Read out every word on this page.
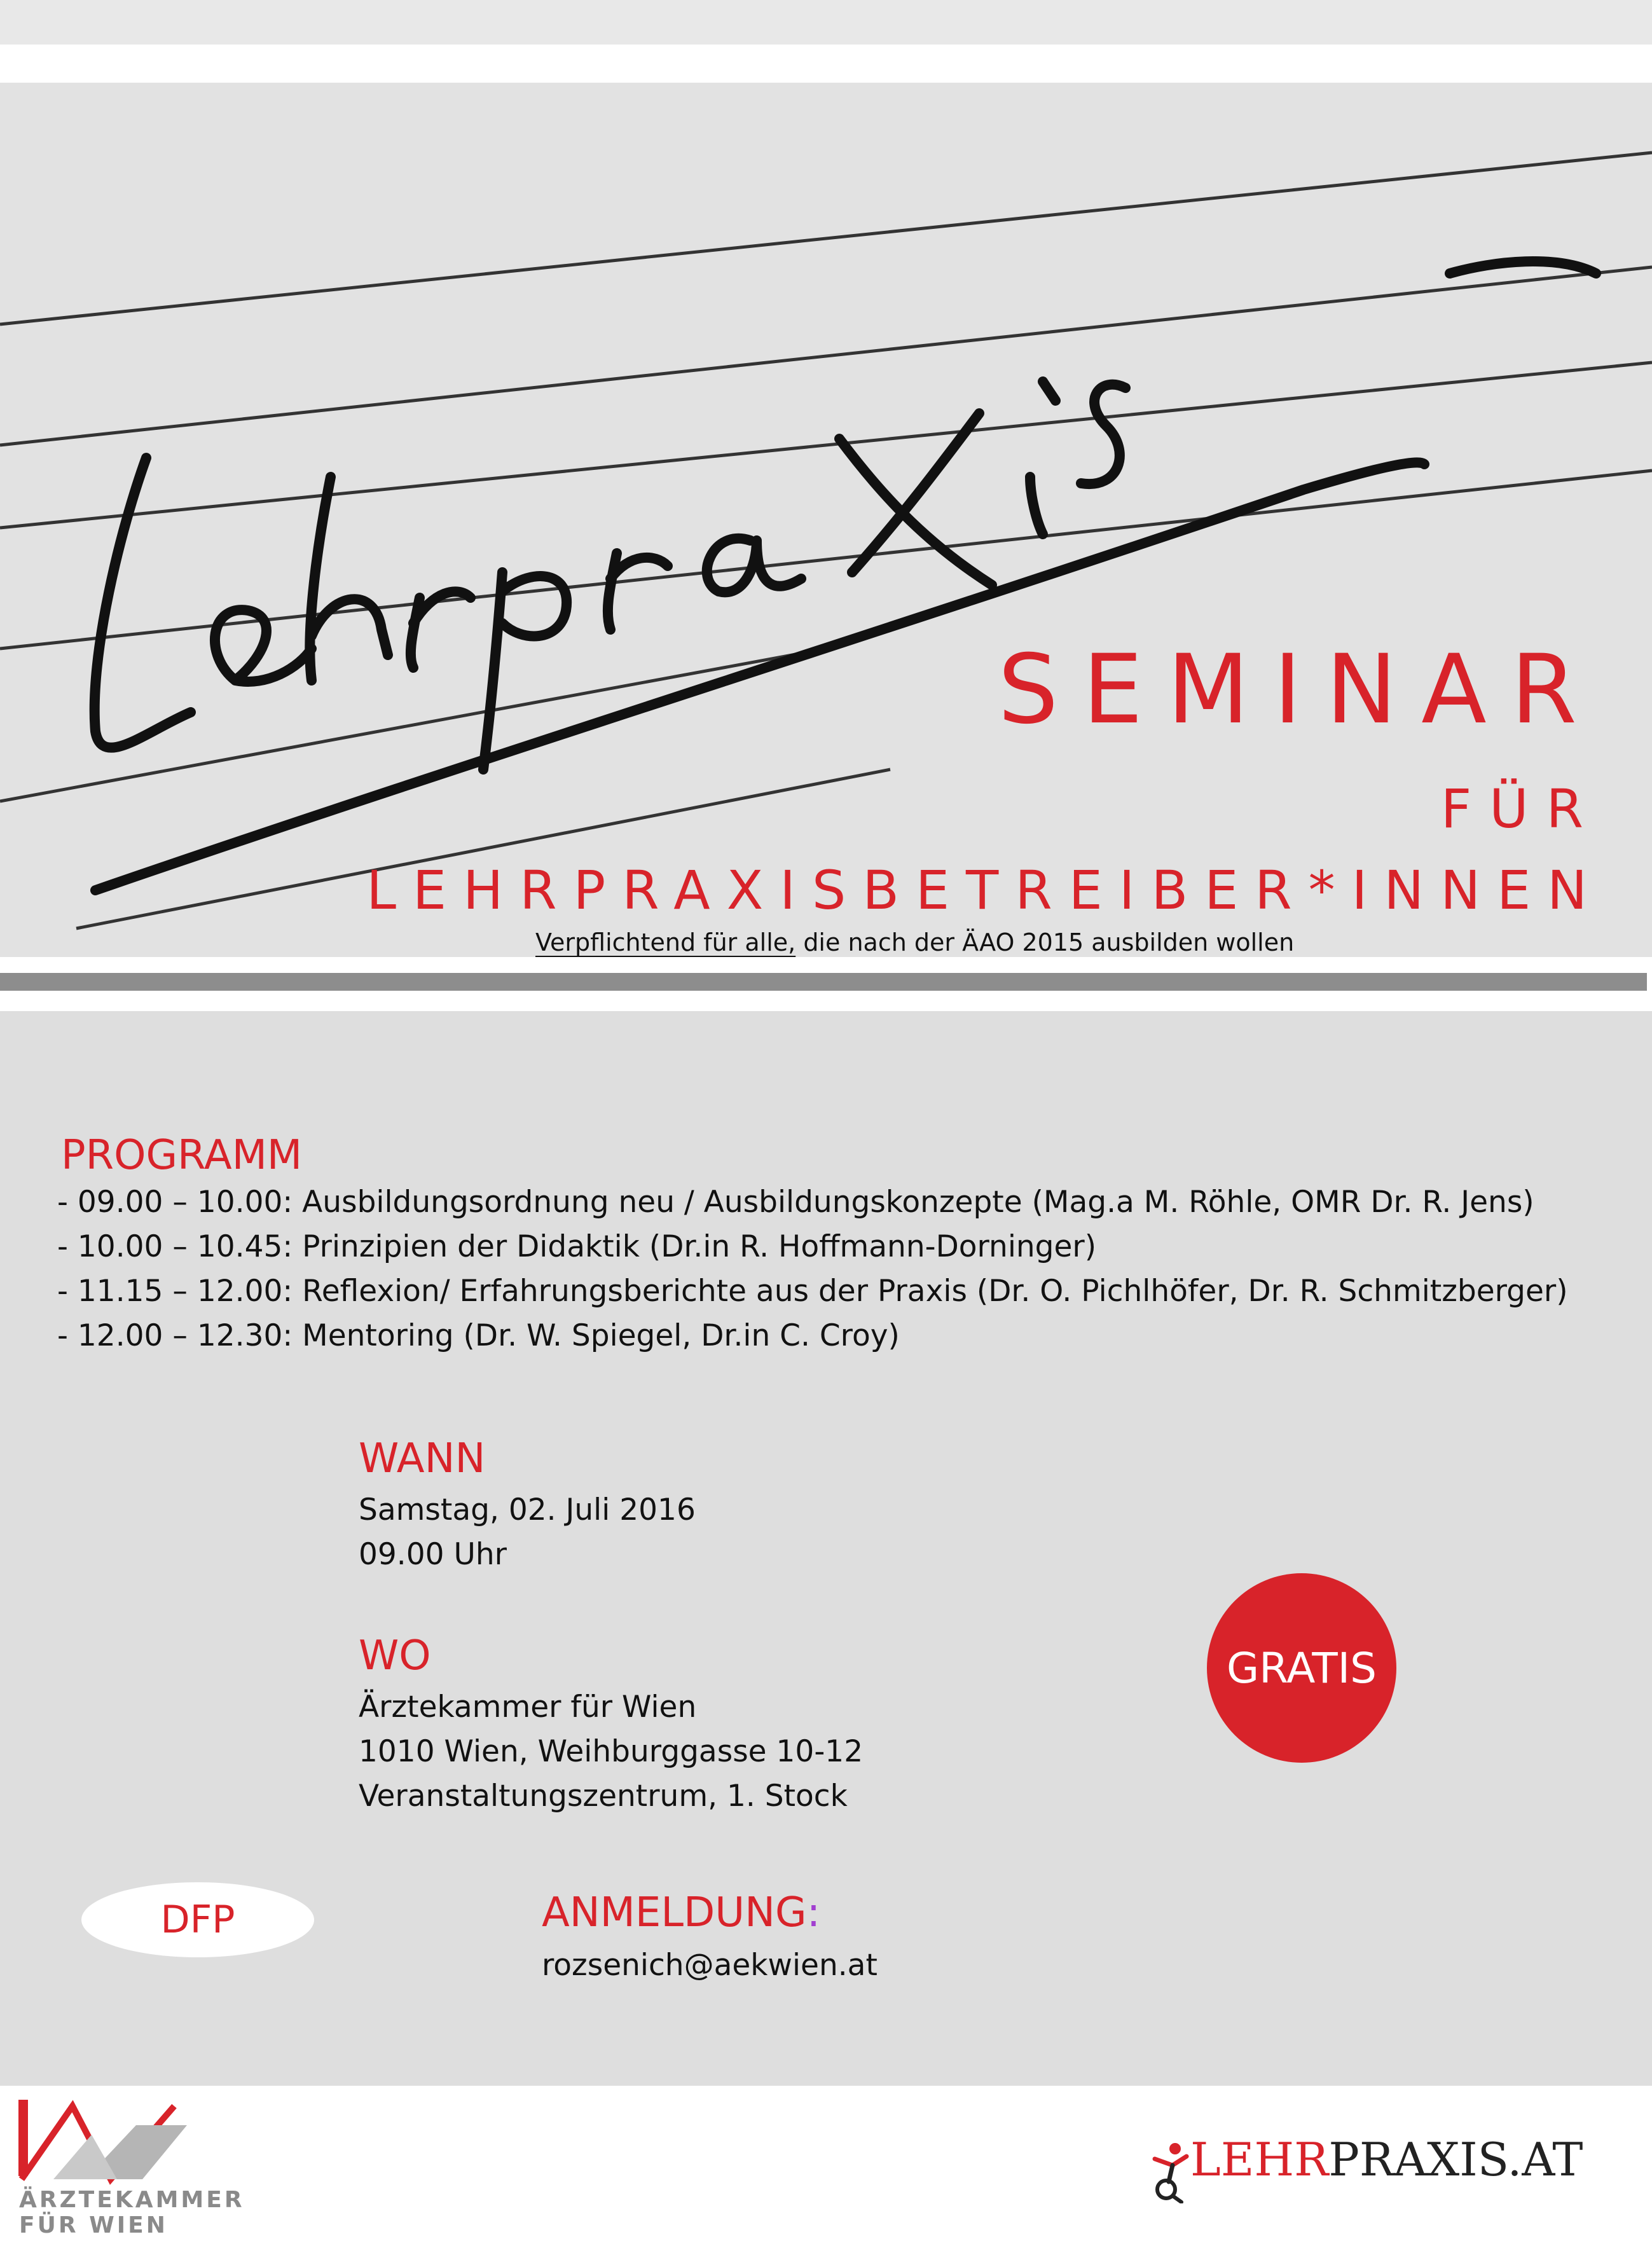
SEMINAR
FÜR
LEHRPRAXISBETREIBER*INNEN
Verpflichtend für alle, die nach der ÄAO 2015 ausbilden wollen
PROGRAMM
- 09.00 – 10.00: Ausbildungsordnung neu / Ausbildungskonzepte (Mag.a M. Röhle, OMR Dr. R. Jens)
- 10.00 – 10.45: Prinzipien der Didaktik (Dr.in R. Hoffmann-Dorninger)
- 11.15 – 12.00: Reflexion/ Erfahrungsberichte aus der Praxis (Dr. O. Pichlhöfer, Dr. R. Schmitzberger)
- 12.00 – 12.30: Mentoring (Dr. W. Spiegel, Dr.in C. Croy)
WANN
Samstag, 02. Juli 2016
09.00 Uhr
WO
Ärztekammer für Wien
1010 Wien, Weihburggasse 10-12
Veranstaltungszentrum, 1. Stock
GRATIS
DFP	ANMELDUNG:
rozsenich@aekwien.at
ÄRZTEKAMMER
FÜR WIEN
LEHRPRAXIS.AT
